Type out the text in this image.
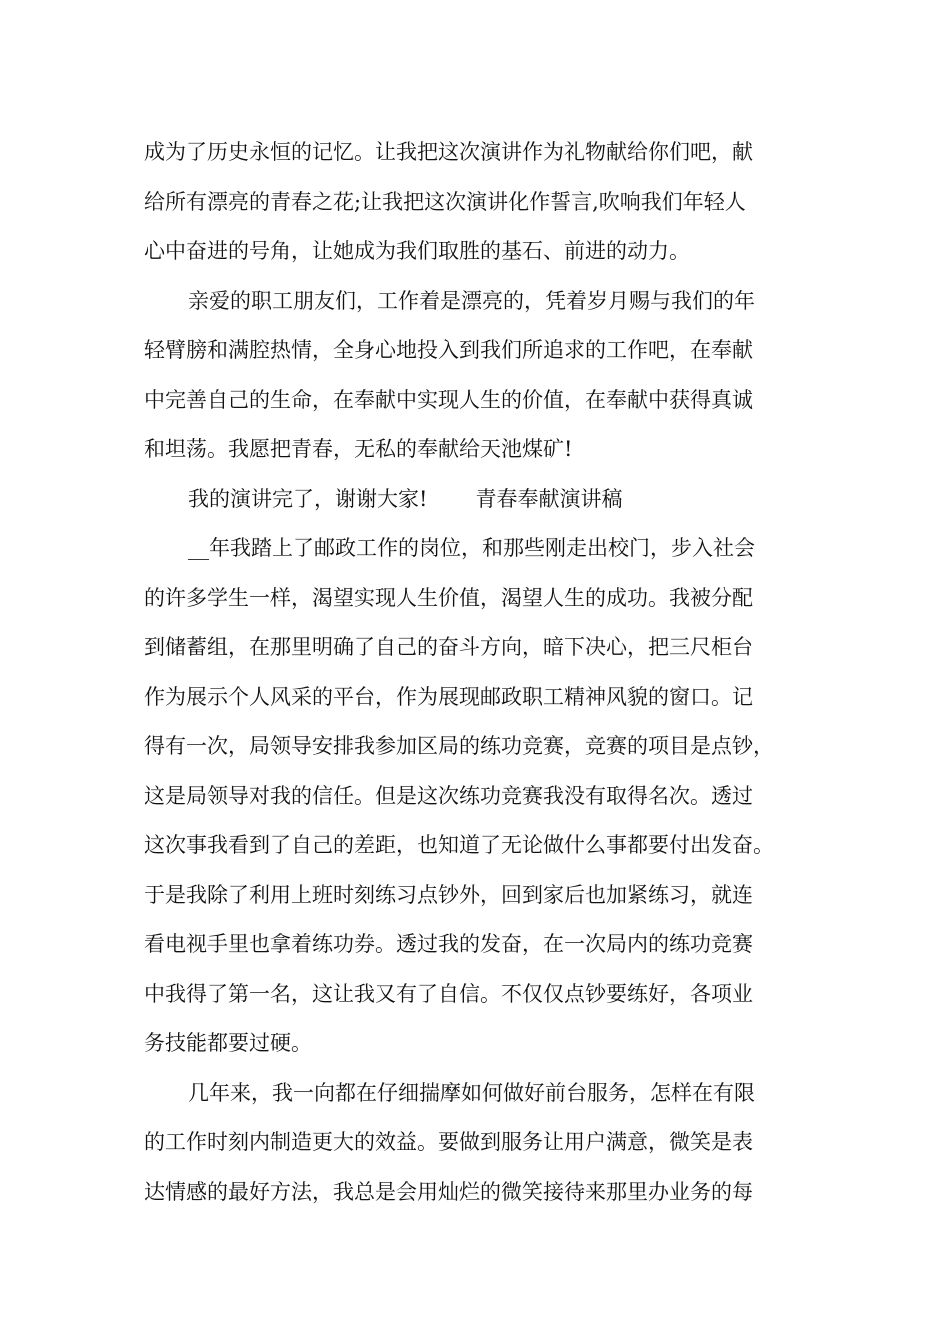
成为了历史永恒的记忆。让我把这次演讲作为礼物献给你们吧，献
给所有漂亮的青春之花;让我把这次演讲化作誓言,吹响我们年轻人
心中奋进的号角，让她成为我们取胜的基石、前进的动力。
亲爱的职工朋友们，工作着是漂亮的，凭着岁月赐与我们的年
轻臂膀和满腔热情，全身心地投入到我们所追求的工作吧，在奉献
中完善自己的生命，在奉献中实现人生的价值，在奉献中获得真诚
和坦荡。我愿把青春，无私的奉献给天池煤矿!
我的演讲完了，谢谢大家! 青春奉献演讲稿
__年我踏上了邮政工作的岗位，和那些刚走出校门，步入社会
的许多学生一样，渴望实现人生价值，渴望人生的成功。我被分配
到储蓄组，在那里明确了自己的奋斗方向，暗下决心，把三尺柜台
作为展示个人风采的平台，作为展现邮政职工精神风貌的窗口。记
得有一次，局领导安排我参加区局的练功竞赛，竞赛的项目是点钞，
这是局领导对我的信任。但是这次练功竞赛我没有取得名次。透过
这次事我看到了自己的差距，也知道了无论做什么事都要付出发奋。
于是我除了利用上班时刻练习点钞外，回到家后也加紧练习，就连
看电视手里也拿着练功券。透过我的发奋，在一次局内的练功竞赛
中我得了第一名，这让我又有了自信。不仅仅点钞要练好，各项业
务技能都要过硬。
几年来，我一向都在仔细揣摩如何做好前台服务，怎样在有限
的工作时刻内制造更大的效益。要做到服务让用户满意，微笑是表
达情感的最好方法，我总是会用灿烂的微笑接待来那里办业务的每
